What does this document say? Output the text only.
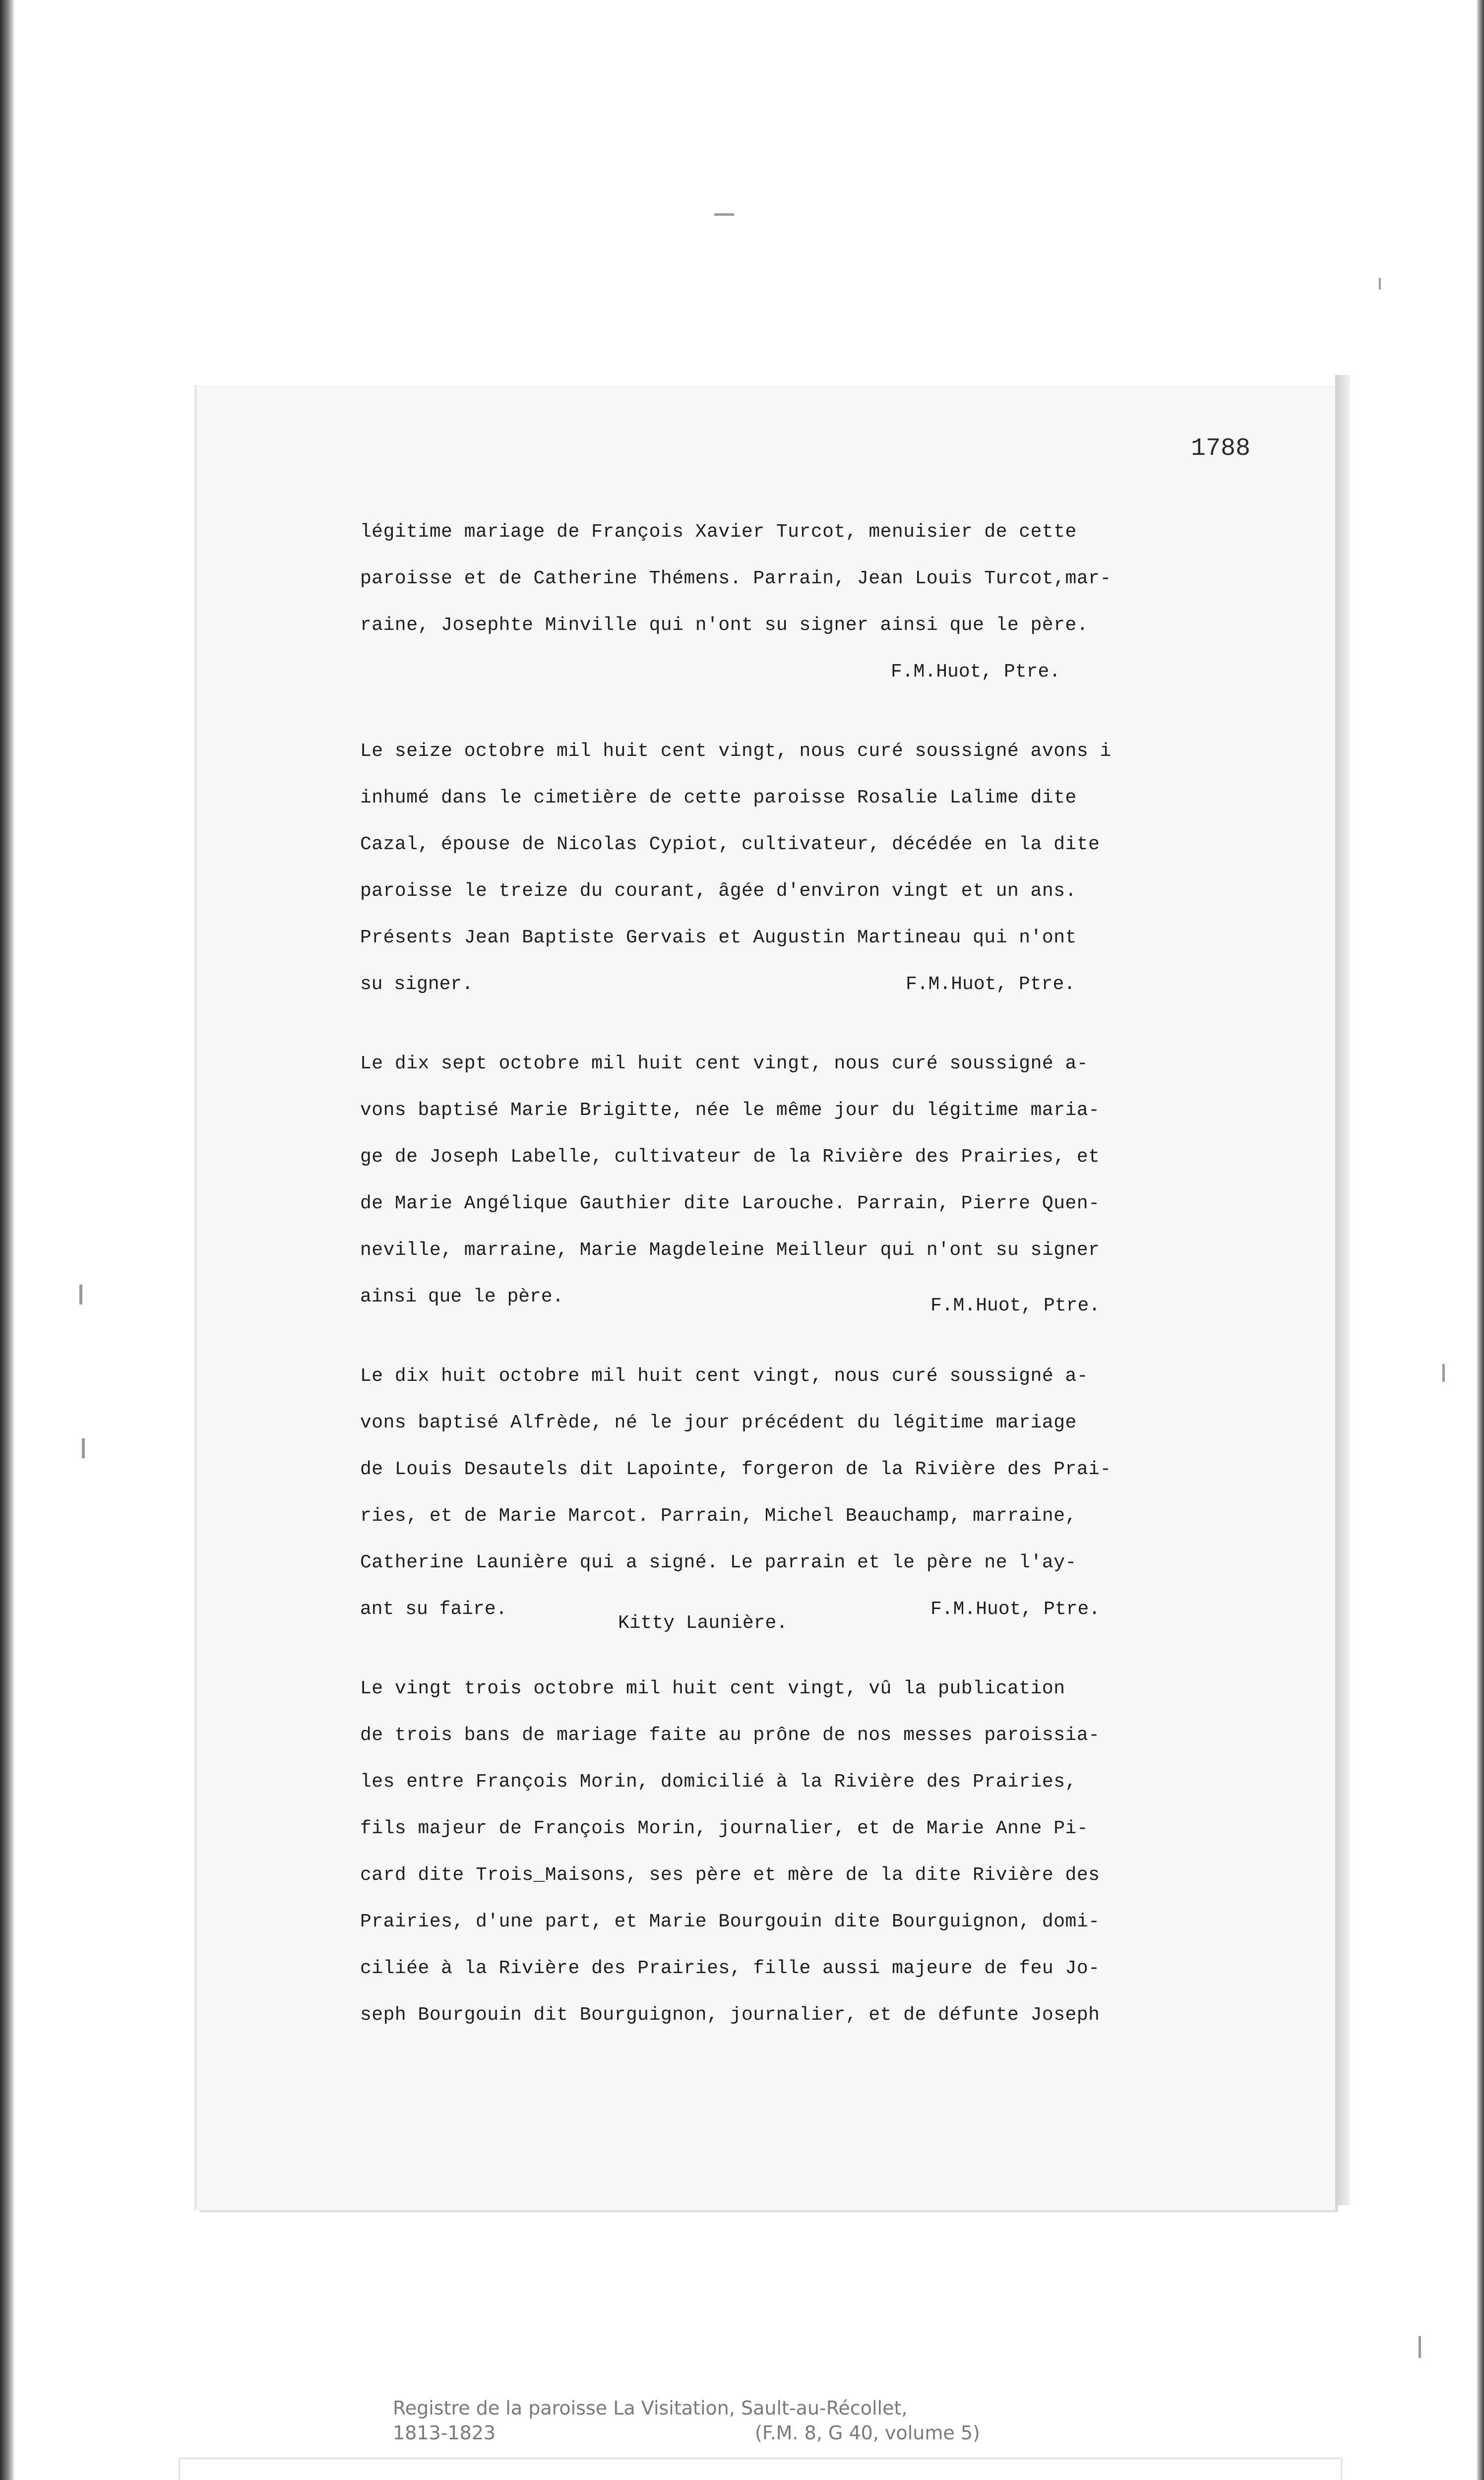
1788
légitime mariage de François Xavier Turcot, menuisier de cette
paroisse et de Catherine Thémens. Parrain, Jean Louis Turcot,mar-
raine, Josephte Minville qui n'ont su signer ainsi que le père.

F.M.Huot, Ptre.

Le seize octobre mil huit cent vingt, nous curé soussigné avons i
inhumé dans le cimetière de cette paroisse Rosalie Lalime dite
Cazal, épouse de Nicolas Cypiot, cultivateur, décédée en la dite
paroisse le treize du courant, âgée d'environ vingt et un ans.
Présents Jean Baptiste Gervais et Augustin Martineau qui n'ont

su signer.

	F.M.Huot, Ptre.

Le dix sept octobre mil huit cent vingt, nous curé soussigné a-
vons baptisé Marie Brigitte, née le même jour du légitime maria-
ge de Joseph Labelle, cultivateur de la Rivière des Prairies, et
de Marie Angélique Gauthier dite Larouche. Parrain, Pierre Quen-
neville, marraine, Marie Magdeleine Meilleur qui n'ont su signer

ainsi que le père.

	F.M.Huot, Ptre.

Le dix huit octobre mil huit cent vingt, nous curé soussigné a-
vons baptisé Alfrède, né le jour précédent du légitime mariage
de Louis Desautels dit Lapointe, forgeron de la Rivière des Prai-
ries, et de Marie Marcot. Parrain, Michel Beauchamp, marraine,
Catherine Launière qui a signé. Le parrain et le père ne l'ay-

ant su faire.

Kitty Launière.

F.M.Huot, Ptre.

Le vingt trois octobre mil huit cent vingt, vû la publication
de trois bans de mariage faite au prône de nos messes paroissia-
les entre François Morin, domicilié à la Rivière des Prairies,
fils majeur de François Morin, journalier, et de Marie Anne Pi-
card dite Trois_Maisons, ses père et mère de la dite Rivière des
Prairies, d'une part, et Marie Bourgouin dite Bourguignon, domi-
ciliée à la Rivière des Prairies, fille aussi majeure de feu Jo-
seph Bourgouin dit Bourguignon, journalier, et de défunte Joseph
Registre de la paroisse La Visitation, Sault-au-Récollet,
1813-1823	(F.M. 8, G 40, volume 5)
